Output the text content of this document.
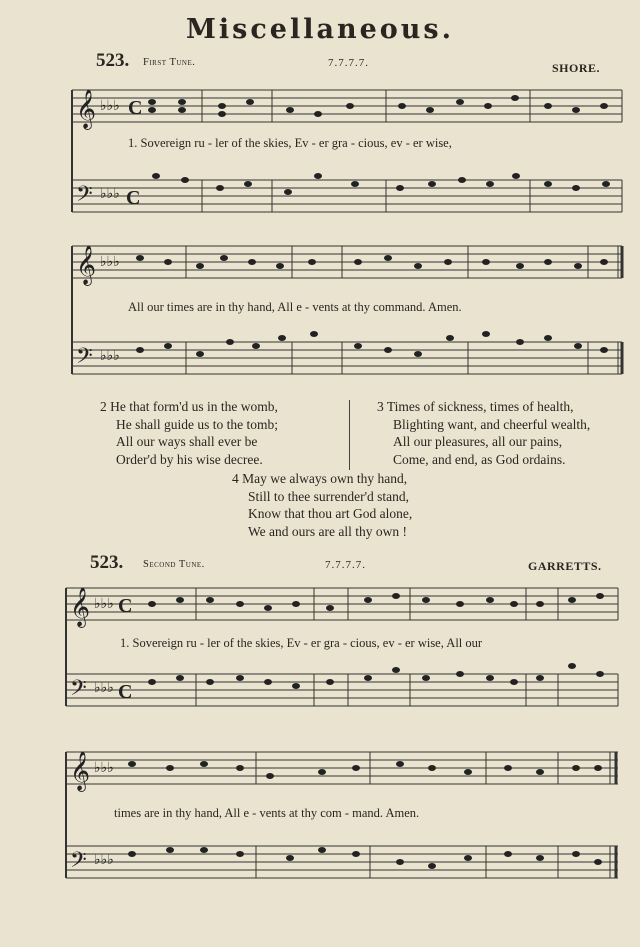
Miscellaneous.
523. First Tune.	7.7.7.7.	SHORE.
𝄞
𝄢
♭♭♭
♭♭♭
C
C
1. Sovereign ru - ler of the skies, Ev - er gra - cious, ev - er wise,
𝄞
𝄢
♭♭♭
♭♭♭
All our times are in thy hand, All e - vents at thy command. Amen.
2 He that form'd us in the womb,
He shall guide us to the tomb;
All our ways shall ever be
Order'd by his wise decree.
3 Times of sickness, times of health,
Blighting want, and cheerful wealth,
All our pleasures, all our pains,
Come, and end, as God ordains.
4 May we always own thy hand,
Still to thee surrender'd stand,
Know that thou art God alone,
We and ours are all thy own !
523. Second Tune.	7.7.7.7.	GARRETTS.
𝄞
𝄢
♭♭♭
♭♭♭
C
C
1. Sovereign ru - ler of the skies, Ev - er gra - cious, ev - er wise, All our
𝄞
𝄢
♭♭♭
♭♭♭
times are in thy hand, All e - vents at thy com - mand. Amen.
